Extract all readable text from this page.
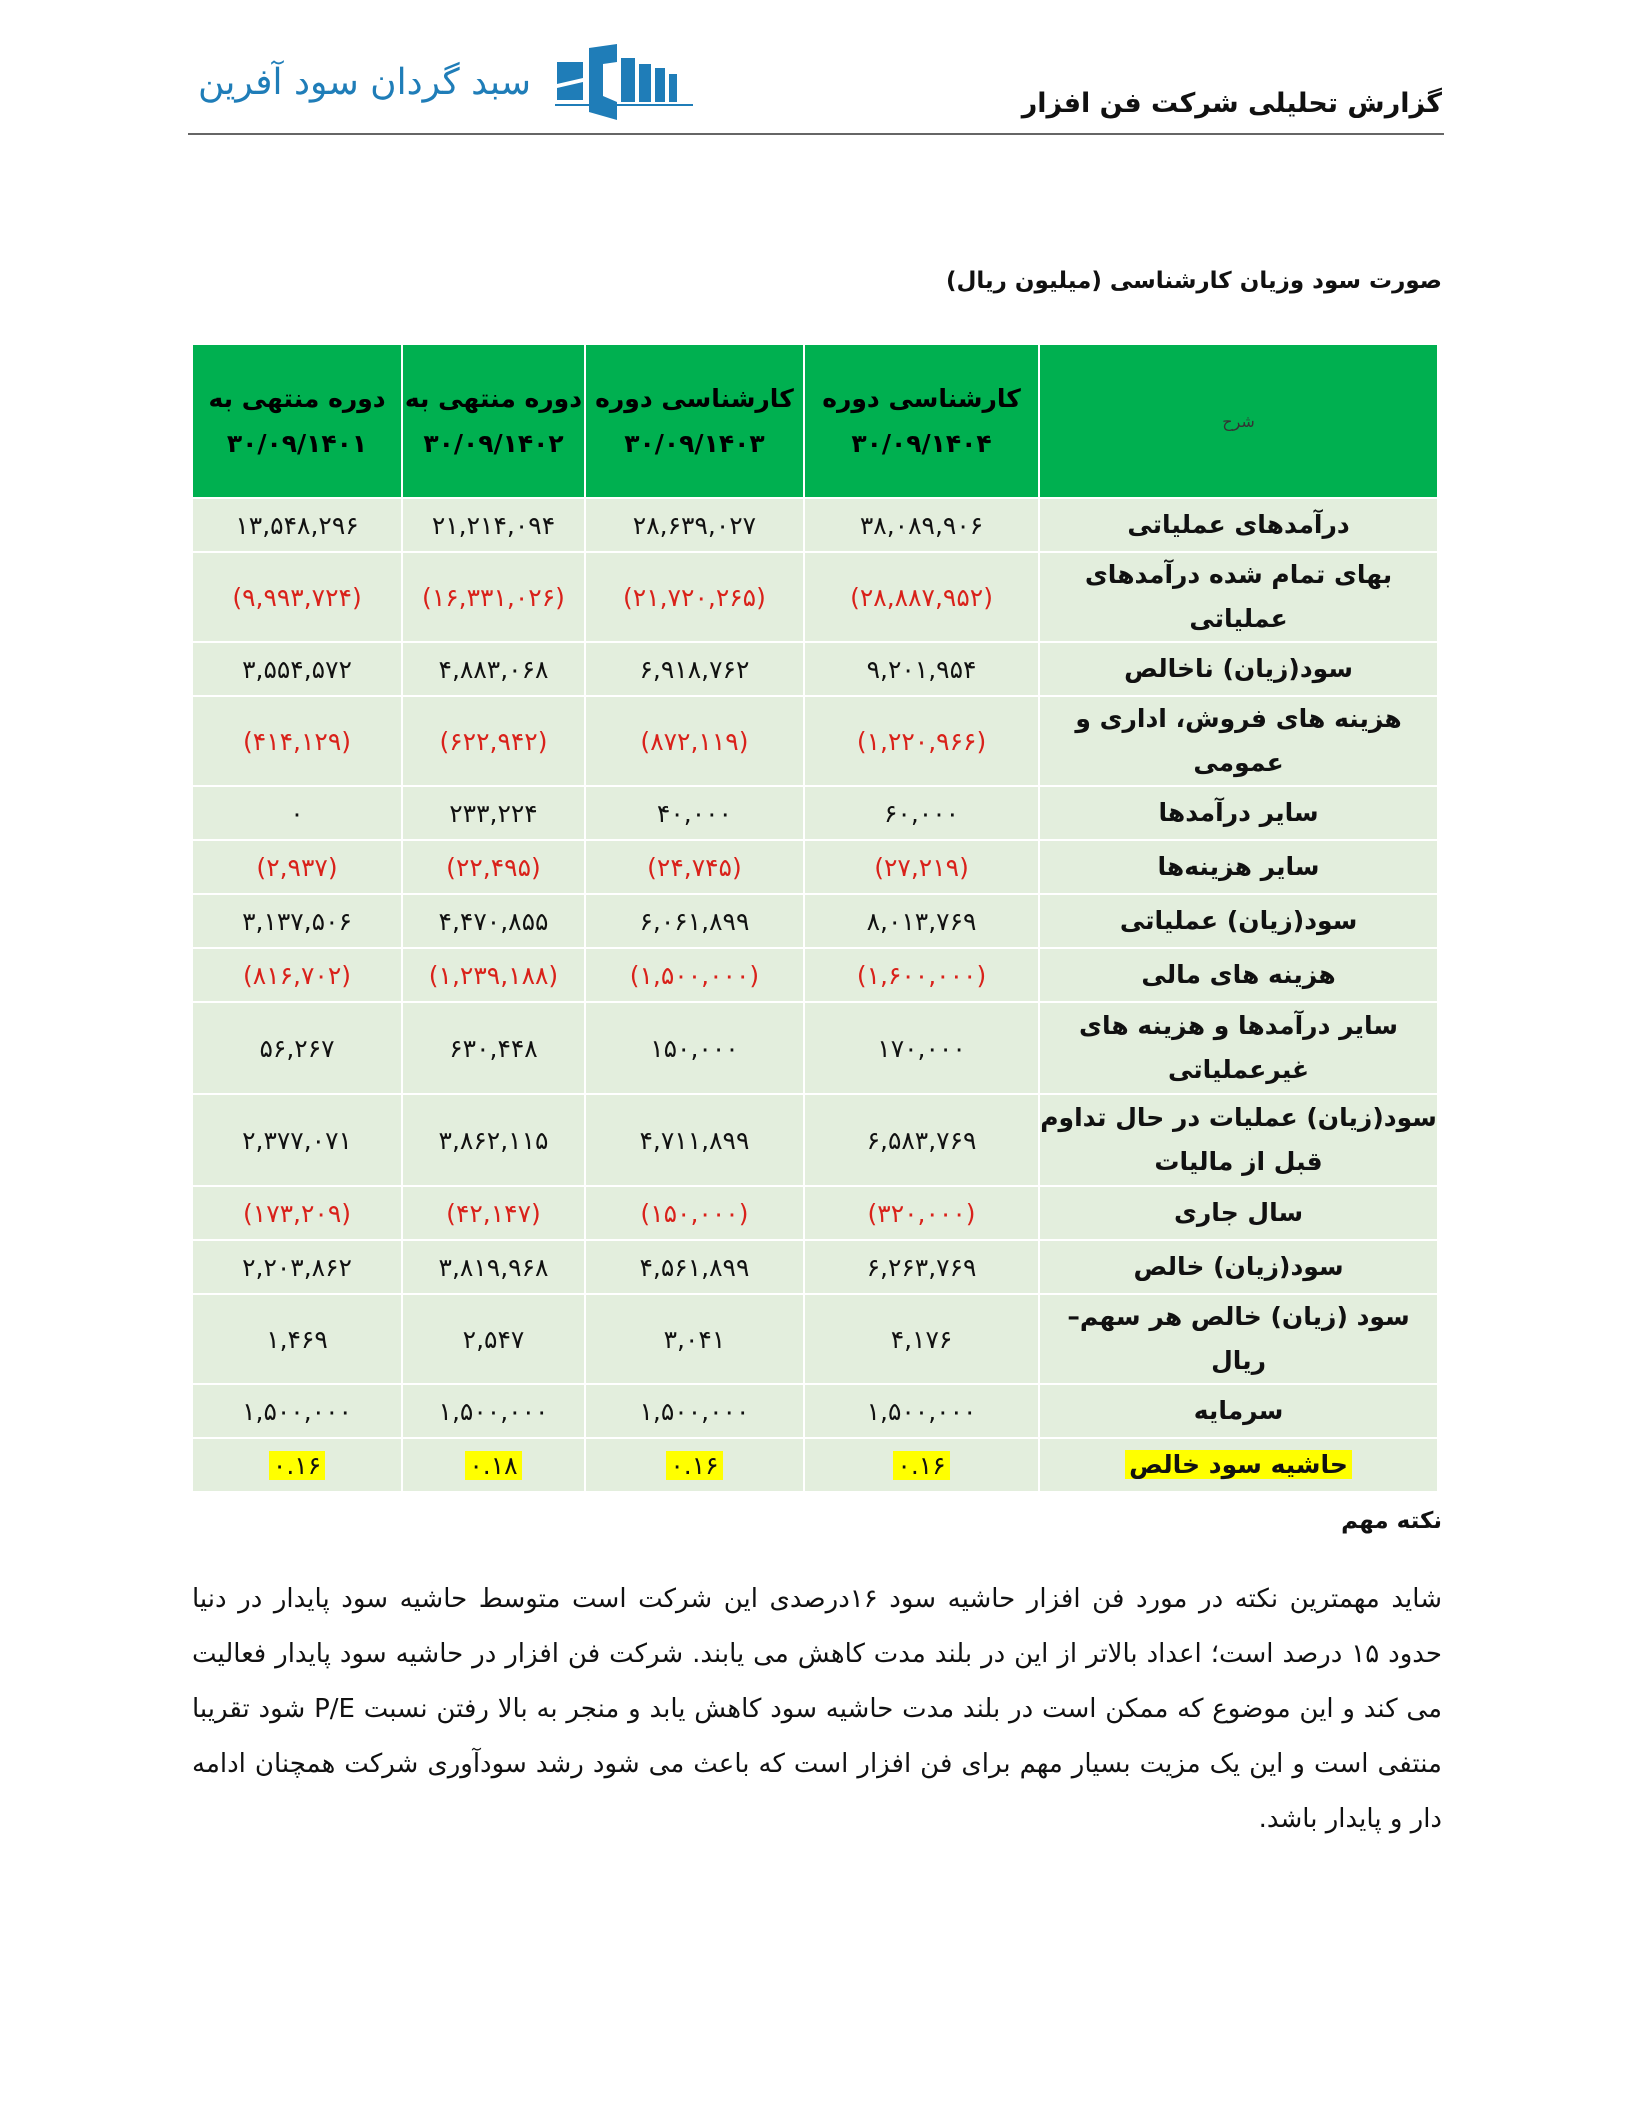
سبد گردان سود آفرین
گزارش تحلیلی شرکت فن افزار
صورت سود وزیان کارشناسی (میلیون ریال)
شرح	کارشناسی دوره ۳۰/۰۹/۱۴۰۴	کارشناسی دوره ۳۰/۰۹/۱۴۰۳	دوره منتهی به ۳۰/۰۹/۱۴۰۲	دوره منتهی به ۳۰/۰۹/۱۴۰۱
درآمدهای عملیاتی	۳۸,۰۸۹,۹۰۶	۲۸,۶۳۹,۰۲۷	۲۱,۲۱۴,۰۹۴	۱۳,۵۴۸,۲۹۶
بهای تمام شده درآمدهای عملیاتی	(۲۸,۸۸۷,۹۵۲)	(۲۱,۷۲۰,۲۶۵)	(۱۶,۳۳۱,۰۲۶)	(۹,۹۹۳,۷۲۴)
سود(زیان) ناخالص	۹,۲۰۱,۹۵۴	۶,۹۱۸,۷۶۲	۴,۸۸۳,۰۶۸	۳,۵۵۴,۵۷۲
هزینه های فروش، اداری و عمومی	(۱,۲۲۰,۹۶۶)	(۸۷۲,۱۱۹)	(۶۲۲,۹۴۲)	(۴۱۴,۱۲۹)
سایر درآمدها	۶۰,۰۰۰	۴۰,۰۰۰	۲۳۳,۲۲۴	۰
سایر هزینه‌ها	(۲۷,۲۱۹)	(۲۴,۷۴۵)	(۲۲,۴۹۵)	(۲,۹۳۷)
سود(زیان) عملیاتی	۸,۰۱۳,۷۶۹	۶,۰۶۱,۸۹۹	۴,۴۷۰,۸۵۵	۳,۱۳۷,۵۰۶
هزینه های مالی	(۱,۶۰۰,۰۰۰)	(۱,۵۰۰,۰۰۰)	(۱,۲۳۹,۱۸۸)	(۸۱۶,۷۰۲)
سایر درآمدها و هزینه های غیرعملیاتی	۱۷۰,۰۰۰	۱۵۰,۰۰۰	۶۳۰,۴۴۸	۵۶,۲۶۷
سود(زیان) عملیات در حال تداوم قبل از مالیات	۶,۵۸۳,۷۶۹	۴,۷۱۱,۸۹۹	۳,۸۶۲,۱۱۵	۲,۳۷۷,۰۷۱
سال جاری	(۳۲۰,۰۰۰)	(۱۵۰,۰۰۰)	(۴۲,۱۴۷)	(۱۷۳,۲۰۹)
سود(زیان) خالص	۶,۲۶۳,۷۶۹	۴,۵۶۱,۸۹۹	۳,۸۱۹,۹۶۸	۲,۲۰۳,۸۶۲
سود (زیان) خالص هر سهم– ریال	۴,۱۷۶	۳,۰۴۱	۲,۵۴۷	۱,۴۶۹
سرمایه	۱,۵۰۰,۰۰۰	۱,۵۰۰,۰۰۰	۱,۵۰۰,۰۰۰	۱,۵۰۰,۰۰۰
حاشیه سود خالص	۰.۱۶	۰.۱۶	۰.۱۸	۰.۱۶
نکته مهم
شاید مهمترین نکته در مورد فن افزار حاشیه سود ۱۶درصدی این شرکت است متوسط حاشیه سود پایدار در دنیا حدود ۱۵ درصد است؛ اعداد بالاتر از این در بلند مدت کاهش می یابند. شرکت فن افزار در حاشیه سود پایدار فعالیت می کند و این موضوع که ممکن است در بلند مدت حاشیه سود کاهش یابد و منجر به بالا رفتن نسبت P/E شود تقریبا منتفی است و این یک مزیت بسیار مهم برای فن افزار است که باعث می شود رشد سودآوری شرکت همچنان ادامه دار و پایدار باشد.
